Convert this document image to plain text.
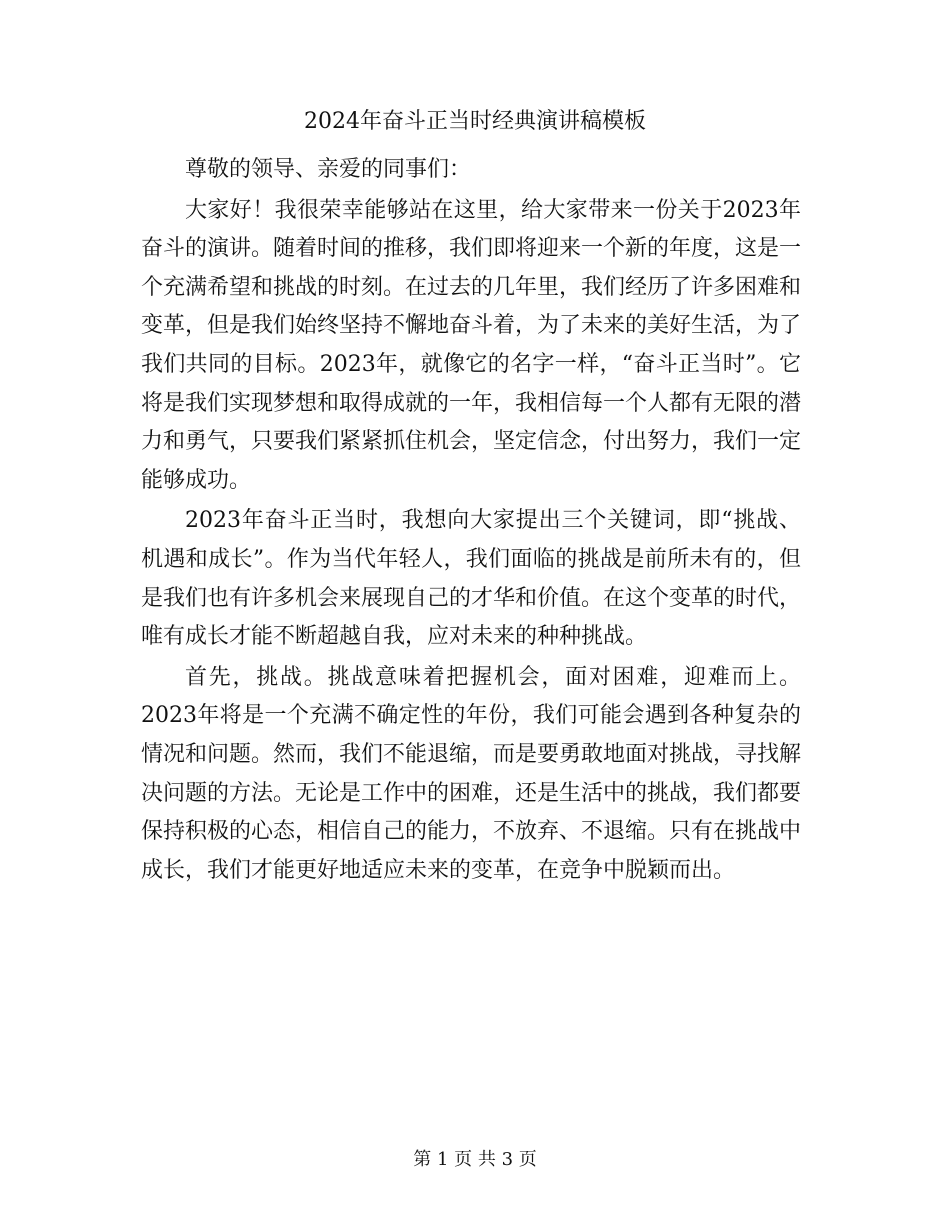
2024年奋斗正当时经典演讲稿模板

尊敬的领导、亲爱的同事们：

大家好！我很荣幸能够站在这里，给大家带来一份关于2023年奋斗的演讲。随着时间的推移，我们即将迎来一个新的年度，这是一个充满希望和挑战的时刻。在过去的几年里，我们经历了许多困难和变革，但是我们始终坚持不懈地奋斗着，为了未来的美好生活，为了我们共同的目标。2023年，就像它的名字一样，“奋斗正当时”。它将是我们实现梦想和取得成就的一年，我相信每一个人都有无限的潜力和勇气，只要我们紧紧抓住机会，坚定信念，付出努力，我们一定能够成功。

2023年奋斗正当时，我想向大家提出三个关键词，即“挑战、机遇和成长”。作为当代年轻人，我们面临的挑战是前所未有的，但是我们也有许多机会来展现自己的才华和价值。在这个变革的时代，唯有成长才能不断超越自我，应对未来的种种挑战。

首先，挑战。挑战意味着把握机会，面对困难，迎难而上。2023年将是一个充满不确定性的年份，我们可能会遇到各种复杂的情况和问题。然而，我们不能退缩，而是要勇敢地面对挑战，寻找解决问题的方法。无论是工作中的困难，还是生活中的挑战，我们都要保持积极的心态，相信自己的能力，不放弃、不退缩。只有在挑战中成长，我们才能更好地适应未来的变革，在竞争中脱颖而出。

第 1 页 共 3 页
